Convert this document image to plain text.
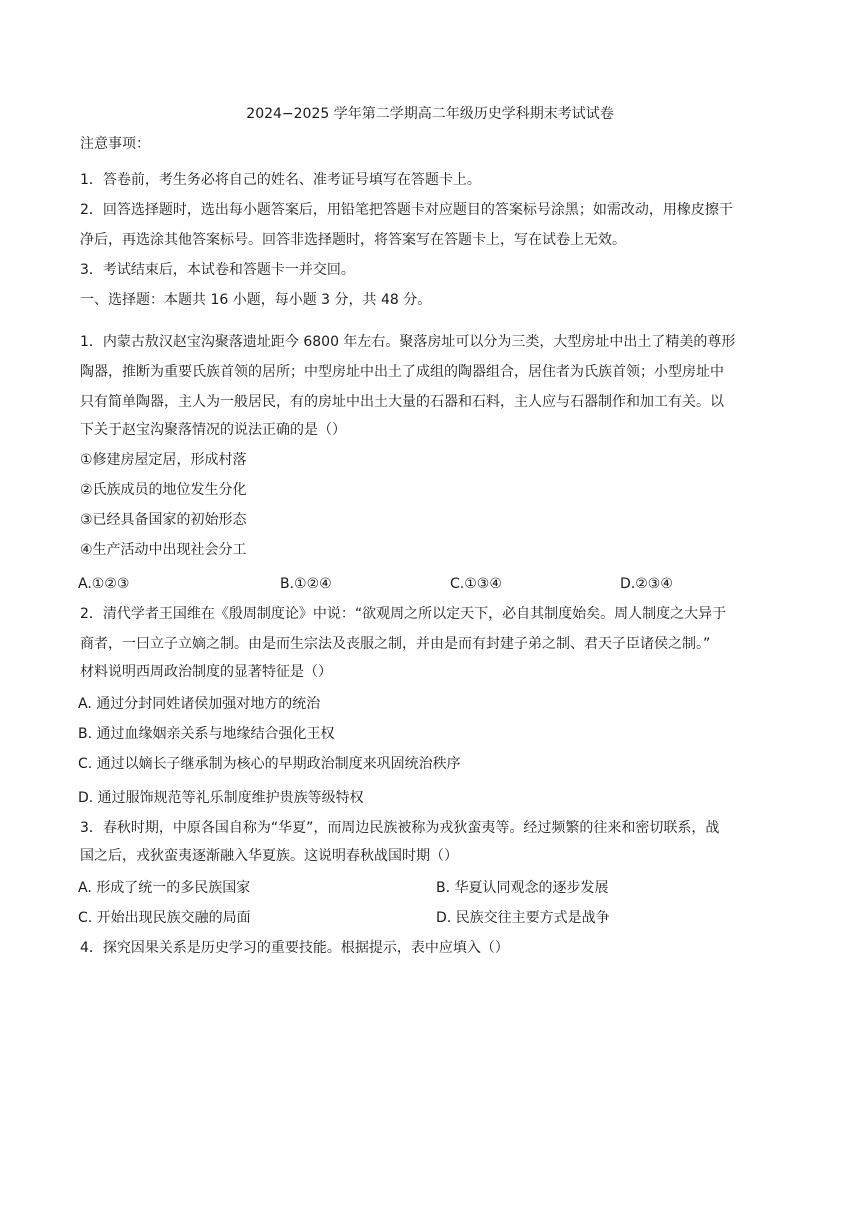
2024−2025 学年第二学期高二年级历史学科期末考试试卷
注意事项：
1．答卷前，考生务必将自己的姓名、准考证号填写在答题卡上。
2．回答选择题时，选出每小题答案后，用铅笔把答题卡对应题目的答案标号涂黑；如需改动，用橡皮擦干
净后，再选涂其他答案标号。回答非选择题时，将答案写在答题卡上，写在试卷上无效。
3．考试结束后，本试卷和答题卡一并交回。
一、选择题：本题共 16 小题，每小题 3 分，共 48 分。
1．内蒙古敖汉赵宝沟聚落遗址距今 6800 年左右。聚落房址可以分为三类，大型房址中出土了精美的尊形
陶器，推断为重要氏族首领的居所；中型房址中出土了成组的陶器组合，居住者为氏族首领；小型房址中
只有简单陶器，主人为一般居民，有的房址中出土大量的石器和石料，主人应与石器制作和加工有关。以
下关于赵宝沟聚落情况的说法正确的是（）
①修建房屋定居，形成村落
②氏族成员的地位发生分化
③已经具备国家的初始形态
④生产活动中出现社会分工
A.①②③	B.①②④	C.①③④	D.②③④
2．清代学者王国维在《殷周制度论》中说：“欲观周之所以定天下，必自其制度始矣。周人制度之大异于
商者，一曰立子立嫡之制。由是而生宗法及丧服之制，并由是而有封建子弟之制、君天子臣诸侯之制。”
材料说明西周政治制度的显著特征是（）
A. 通过分封同姓诸侯加强对地方的统治
B. 通过血缘姻亲关系与地缘结合强化王权
C. 通过以嫡长子继承制为核心的早期政治制度来巩固统治秩序
D. 通过服饰规范等礼乐制度维护贵族等级特权
3．春秋时期，中原各国自称为“华夏”，而周边民族被称为戎狄蛮夷等。经过频繁的往来和密切联系，战
国之后，戎狄蛮夷逐渐融入华夏族。这说明春秋战国时期（）
A. 形成了统一的多民族国家	B. 华夏认同观念的逐步发展
C. 开始出现民族交融的局面	D. 民族交往主要方式是战争
4．探究因果关系是历史学习的重要技能。根据提示，表中应填入（）
